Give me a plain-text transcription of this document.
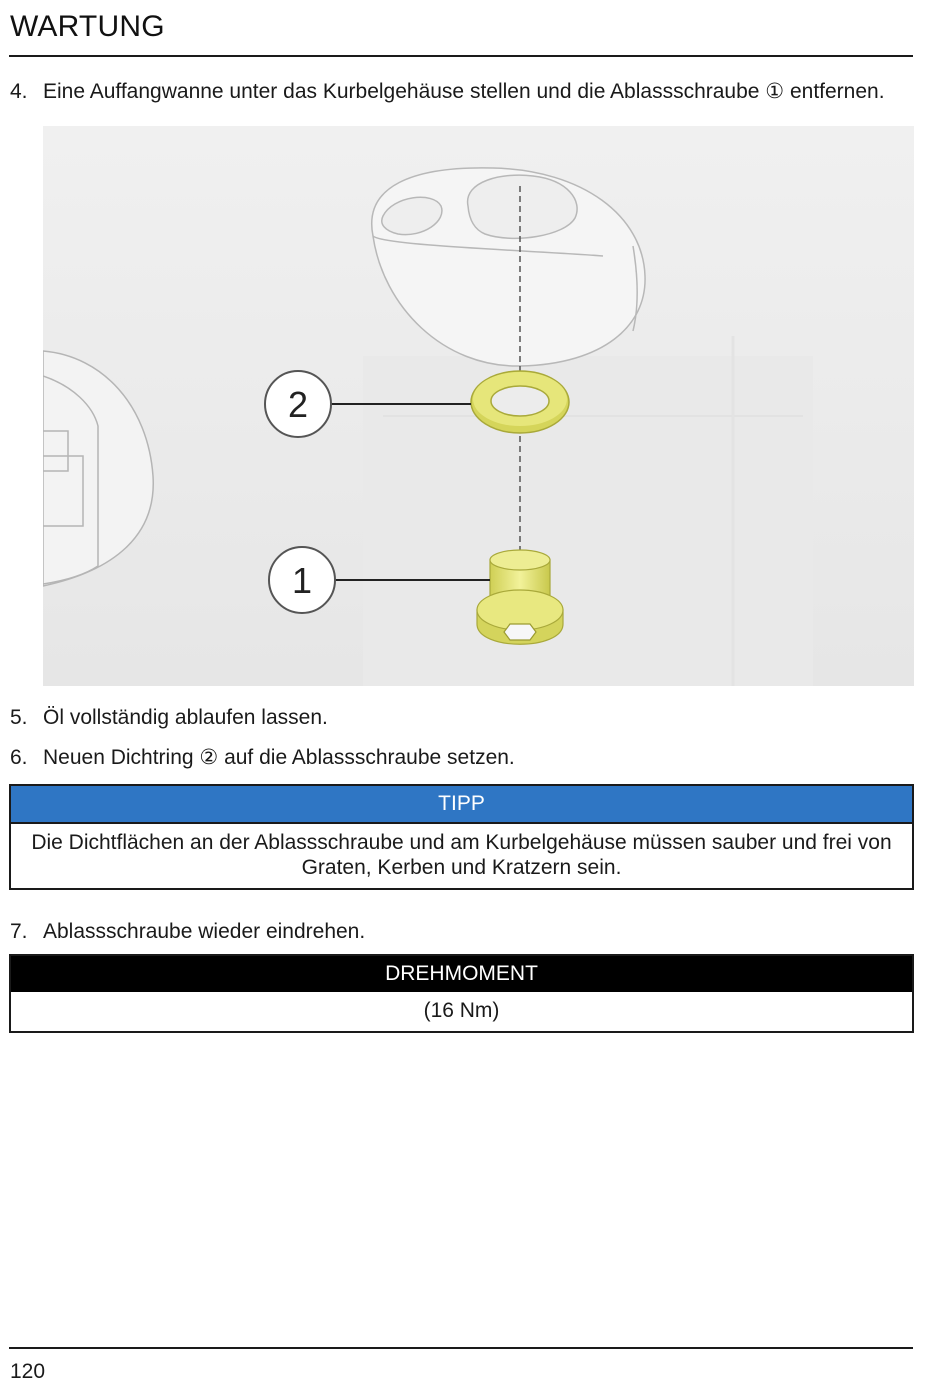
WARTUNG
4. Eine Auffangwanne unter das Kurbelgehäuse stellen und die Ablassschraube ① entfernen.
2
1
5. Öl vollständig ablaufen lassen.
6. Neuen Dichtring ② auf die Ablassschraube setzen.
TIPP
Die Dichtflächen an der Ablassschraube und am Kurbelgehäuse müssen sauber und frei von Graten, Kerben und Kratzern sein.
7. Ablassschraube wieder eindrehen.
DREHMOMENT
(16 Nm)
120
